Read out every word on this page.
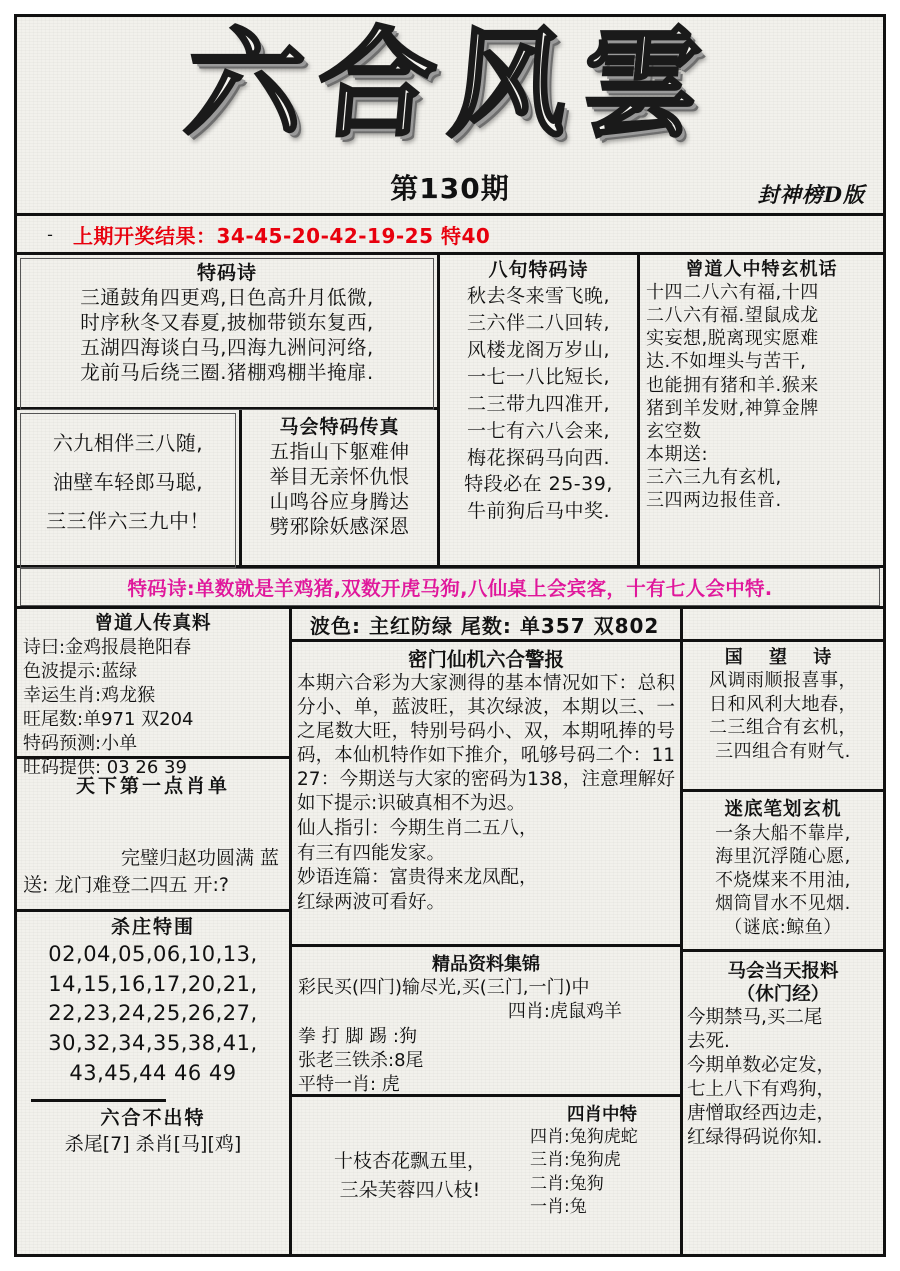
六合风雲
第130期	封神榜D版
-	上期开奖结果：34-45-20-42-19-25 特40
特码诗
三通鼓角四更鸡,日色高升月低微,
时序秋冬又春夏,披枷带锁东复西,
五湖四海谈白马,四海九洲问河络,
龙前马后绕三圈.猪棚鸡棚半掩扉.
六九相伴三八随,
油壁车轻郎马聪,
三三伴六三九中！
马会特码传真
五指山下躯难伸
举目无亲怀仇恨
山鸣谷应身腾达
劈邪除妖感深恩
八句特码诗
秋去冬来雪飞晚,
三六伴二八回转,
风楼龙阁万岁山,
一七一八比短长,
二三带九四准开,
一七有六八会来,
梅花探码马向西.
特段必在 25-39,
牛前狗后马中奖.
曾道人中特玄机话
十四二八六有福,十四
二八六有福.望鼠成龙
实妄想,脱离现实愿难
达.不如埋头与苦干,
也能拥有猪和羊.猴来
猪到羊发财,神算金牌
玄空数
本期送:
三六三九有玄机,
三四两边报佳音.
特码诗:单数就是羊鸡猪,双数开虎马狗,八仙桌上会宾客，十有七人会中特.
曾道人传真料
诗曰:金鸡报晨艳阳春
色波提示:蓝绿
幸运生肖:鸡龙猴
旺尾数:单971 双204
特码预测:小单
旺码提供: 03 26 39
天下第一点肖单
完璧归赵功圆满 蓝
送: 龙门难登二四五 开:?
杀庄特围
02,04,05,06,10,13,
14,15,16,17,20,21,
22,23,24,25,26,27,
30,32,34,35,38,41,
43,45,44 46 49
六合不出特
杀尾[7] 杀肖[马][鸡]
波色: 主红防绿 尾数: 单357 双802
密门仙机六合警报

本期六合彩为大家测得的基本情况如下：总积分小、单，蓝波旺，其次绿波，本期以三、一之尾数大旺，特别号码小、双，本期吼捧的号码，本仙机特作如下推介，吼够号码二个：11 27：今期送与大家的密码为138，注意理解好如下提示:识破真相不为迟。

仙人指引：今期生肖二五八，
有三有四能发家。
妙语连篇：富贵得来龙凤配，
红绿两波可看好。
精品资料集锦
彩民买(四门)输尽光,买(三门,一门)中
四肖:虎鼠鸡羊
拳 打 脚 踢 :狗
张老三铁杀:8尾
平特一肖: 虎
十枝杏花飘五里，
三朵芙蓉四八枝!
四肖中特
四肖:兔狗虎蛇
三肖:兔狗虎
二肖:兔狗
一肖:兔
国 望 诗
风调雨顺报喜事，
日和风利大地春，
二三组合有玄机，
三四组合有财气.
迷底笔划玄机
一条大船不靠岸,
海里沉浮随心愿,
不烧煤来不用油,
烟筒冒水不见烟.
（谜底:鲸鱼）
马会当天报料
（休门经）
今期禁马,买二尾
去死.
今期单数必定发，
七上八下有鸡狗，
唐憎取经西边走，
红绿得码说你知.
